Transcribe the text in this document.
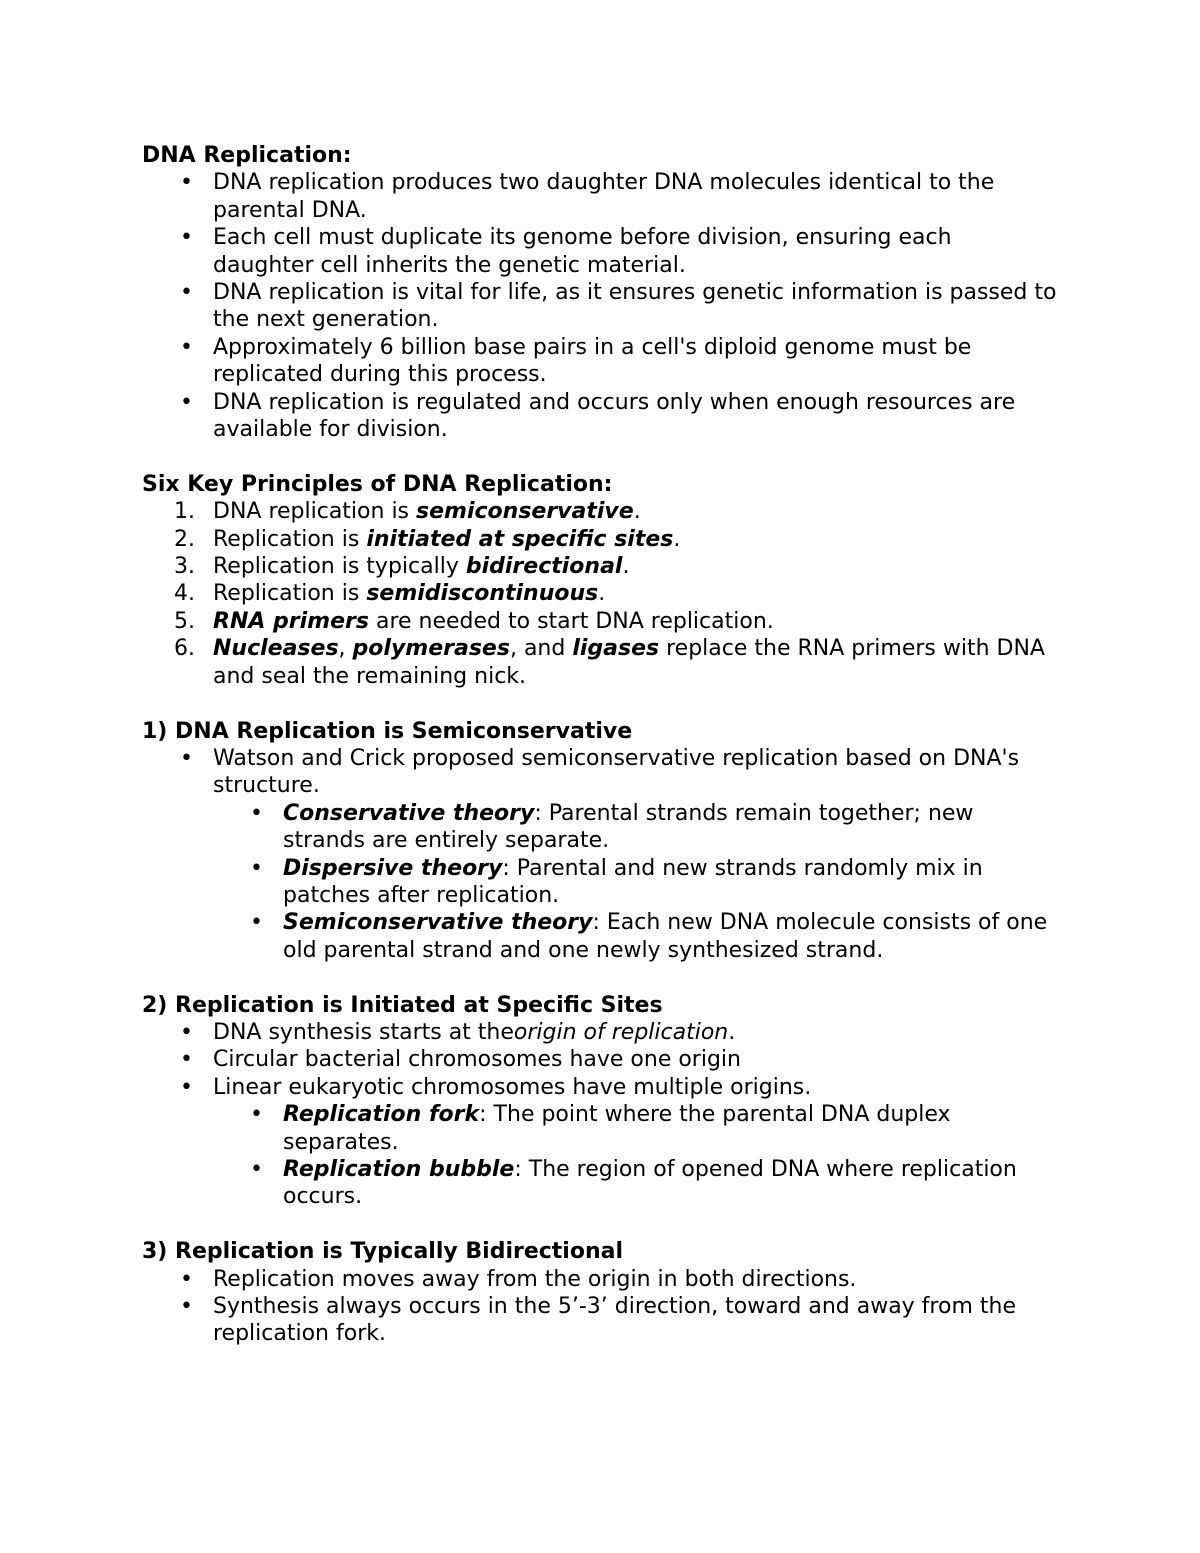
DNA Replication:

•
DNA replication produces two daughter DNA molecules identical to the parental DNA.
•
Each cell must duplicate its genome before division, ensuring each daughter cell inherits the genetic material.
•
DNA replication is vital for life, as it ensures genetic information is passed to the next generation.
•
Approximately 6 billion base pairs in a cell's diploid genome must be replicated during this process.
•
DNA replication is regulated and occurs only when enough resources are available for division.

Six Key Principles of DNA Replication:

1. DNA replication is semiconservative.
2. Replication is initiated at specific sites.
3. Replication is typically bidirectional.
4. Replication is semidiscontinuous.
5. RNA primers are needed to start DNA replication.
6. Nucleases, polymerases, and ligases replace the RNA primers with DNA and seal the remaining nick.

1) DNA Replication is Semiconservative

•
Watson and Crick proposed semiconservative replication based on DNA's structure.
•
Conservative theory: Parental strands remain together; new strands are entirely separate.
•
Dispersive theory: Parental and new strands randomly mix in patches after replication.
•
Semiconservative theory: Each new DNA molecule consists of one old parental strand and one newly synthesized strand.

2) Replication is Initiated at Specific Sites

•
DNA synthesis starts at theorigin of replication.
•
Circular bacterial chromosomes have one origin
•
Linear eukaryotic chromosomes have multiple origins.
•
Replication fork: The point where the parental DNA duplex separates.
•
Replication bubble: The region of opened DNA where replication occurs.

3) Replication is Typically Bidirectional

•
Replication moves away from the origin in both directions.
•
Synthesis always occurs in the 5’-3’ direction, toward and away from the replication fork.
